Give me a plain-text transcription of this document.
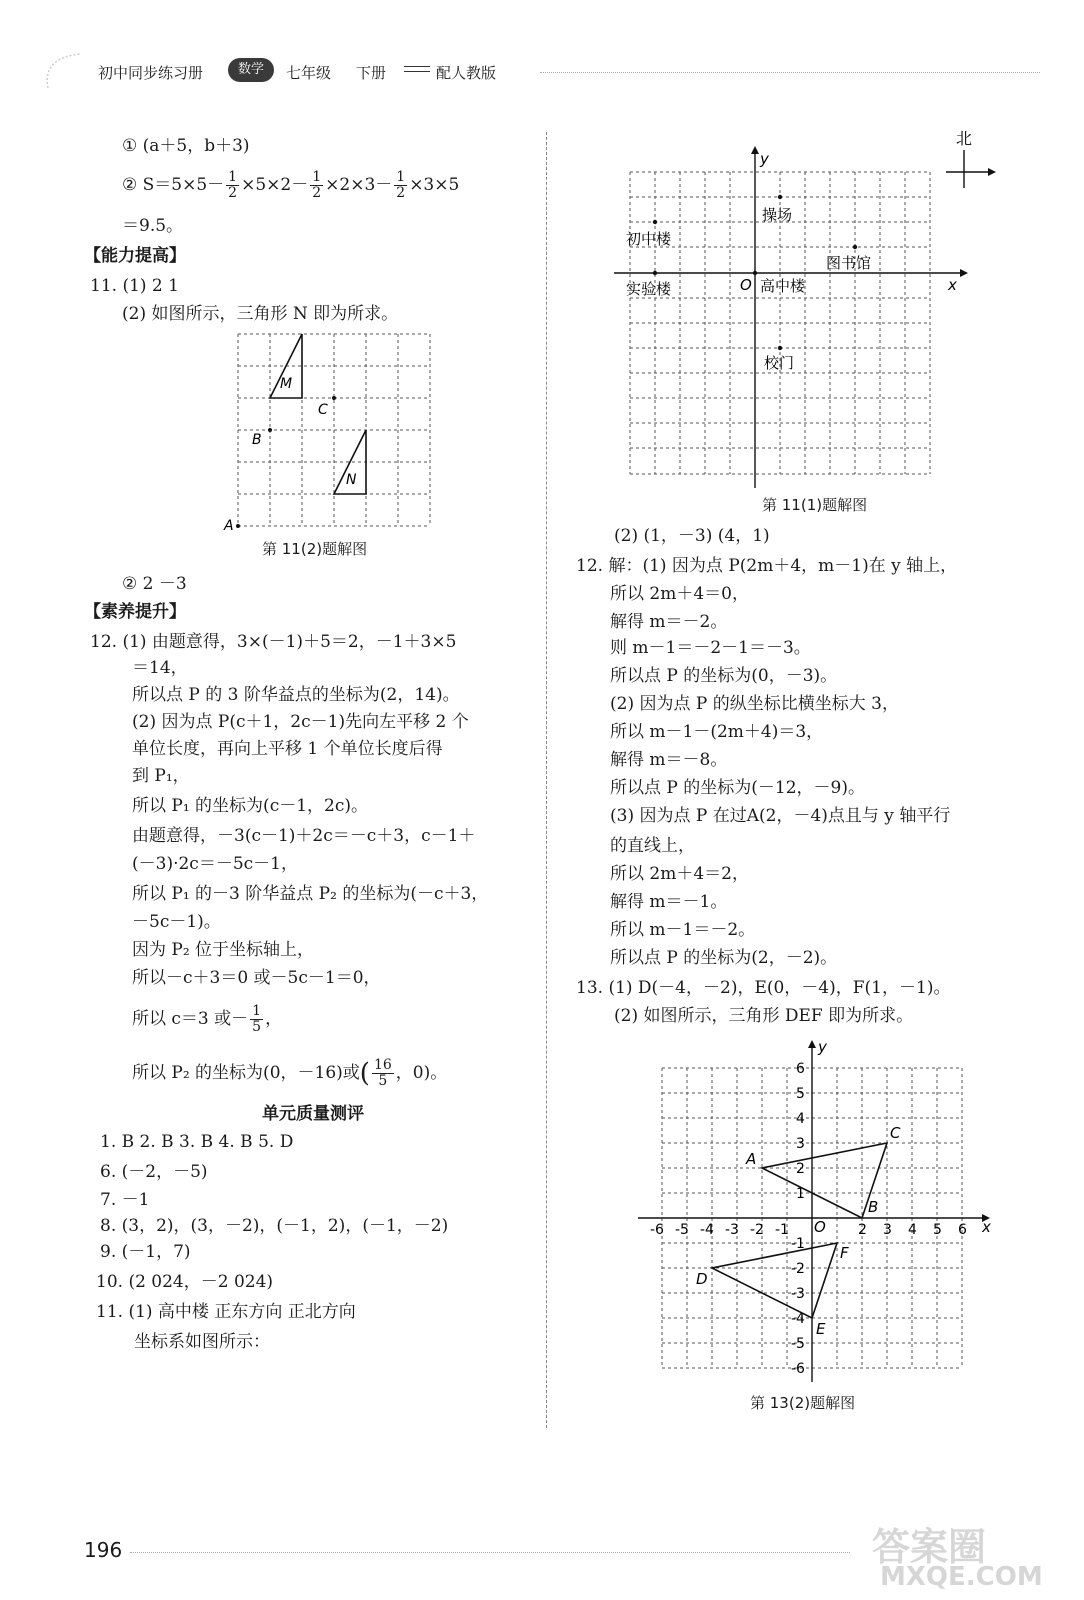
初中同步练习册	数学	七年级 下册	配人教版
① (a＋5，b＋3)
② $S=5\times 5- \frac{1}{2} \times 5\times 2- \frac{1}{2} \times 2\times 3- \frac{1}{2} \times 3\times 5$
＝9.5。
【能力提高】
11. (1) 2 1
(2) 如图所示，三角形 N 即为所求。
M
N
A
B
C
第 11(2)题解图
② 2 －3
【素养提升】
12. (1) 由题意得，3×(－1)＋5＝2，－1＋3×5
＝14，
所以点 P 的 3 阶华益点的坐标为(2，14)。
(2) 因为点 P(c＋1，2c－1)先向左平移 2 个
单位长度，再向上平移 1 个单位长度后得
到 P₁，
所以 P₁ 的坐标为(c－1，2c)。
由题意得，－3(c－1)＋2c＝－c＋3，c－1＋
(－3)·2c＝－5c－1，
所以 P₁ 的－3 阶华益点 P₂ 的坐标为(－c＋3，
－5c－1)。
因为 P₂ 位于坐标轴上，
所以－c＋3＝0 或－5c－1＝0，
所以 c＝3 或－ $\frac{1}{5}$ ，
所以 P₂ 的坐标为(0，－16)或( $\frac{16}{5}$ ，0)。
单元质量测评
1. B 2. B 3. B 4. B 5. D
6. (－2，－5)
7. －1
8. (3，2)，(3，－2)，(－1，2)，(－1，－2)
9. (－1，7)
10. (2 024，－2 024)
11. (1) 高中楼 正东方向 正北方向
坐标系如图所示：
y
x
O
北
操场
初中楼
图书馆
实验楼	高中楼
校门
第 11(1)题解图
(2) (1，－3) (4，1)
12. 解：(1) 因为点 P(2m＋4，m－1)在 y 轴上，
所以 2m＋4＝0，
解得 m＝－2。
则 m－1＝－2－1＝－3。
所以点 P 的坐标为(0，－3)。
(2) 因为点 P 的纵坐标比横坐标大 3，
所以 m－1－(2m＋4)＝3，
解得 m＝－8。
所以点 P 的坐标为(－12，－9)。
(3) 因为点 P 在过A(2，－4)点且与 y 轴平行
的直线上，
所以 2m＋4＝2，
解得 m＝－1。
所以 m－1＝－2。
所以点 P 的坐标为(2，－2)。
13. (1) D(－4，－2)，E(0，－4)，F(1，－1)。
(2) 如图所示，三角形 DEF 即为所求。
y
x
O
-6 -5 -4 -3 -2 -1	2 3 4 5 6
6
5
4
3
2
1
-1
-2
-3
-4
-5
-6
A
B
C
D
E
F
第 13(2)题解图
196	答案圈
MXQE.COM
